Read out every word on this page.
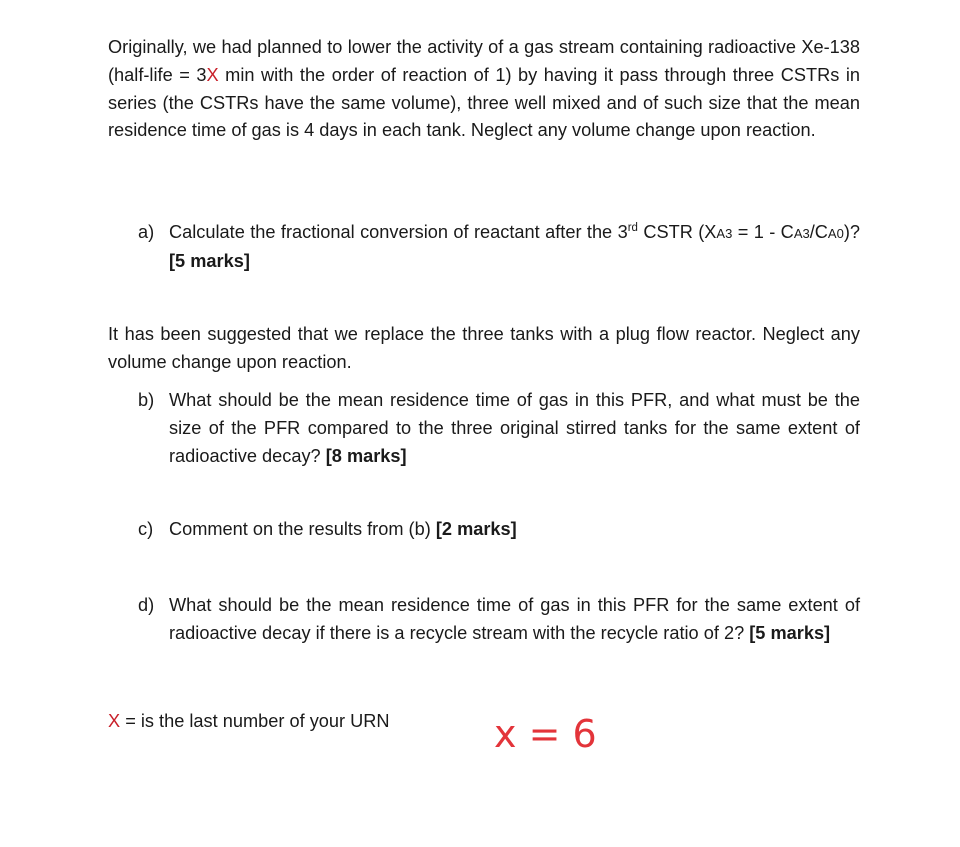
Originally, we had planned to lower the activity of a gas stream containing radioactive Xe-138 (half-life = 3X min with the order of reaction of 1) by having it pass through three CSTRs in series (the CSTRs have the same volume), three well mixed and of such size that the mean residence time of gas is 4 days in each tank. Neglect any volume change upon reaction.

a) Calculate the fractional conversion of reactant after the 3rd CSTR (XA3 = 1 - CA3/CA0)? [5 marks]

It has been suggested that we replace the three tanks with a plug flow reactor. Neglect any volume change upon reaction.

b) What should be the mean residence time of gas in this PFR, and what must be the size of the PFR compared to the three original stirred tanks for the same extent of radioactive decay? [8 marks]
c) Comment on the results from (b) [2 marks]
d) What should be the mean residence time of gas in this PFR for the same extent of radioactive decay if there is a recycle stream with the recycle ratio of 2? [5 marks]

X = is the last number of your URN	x = 6
